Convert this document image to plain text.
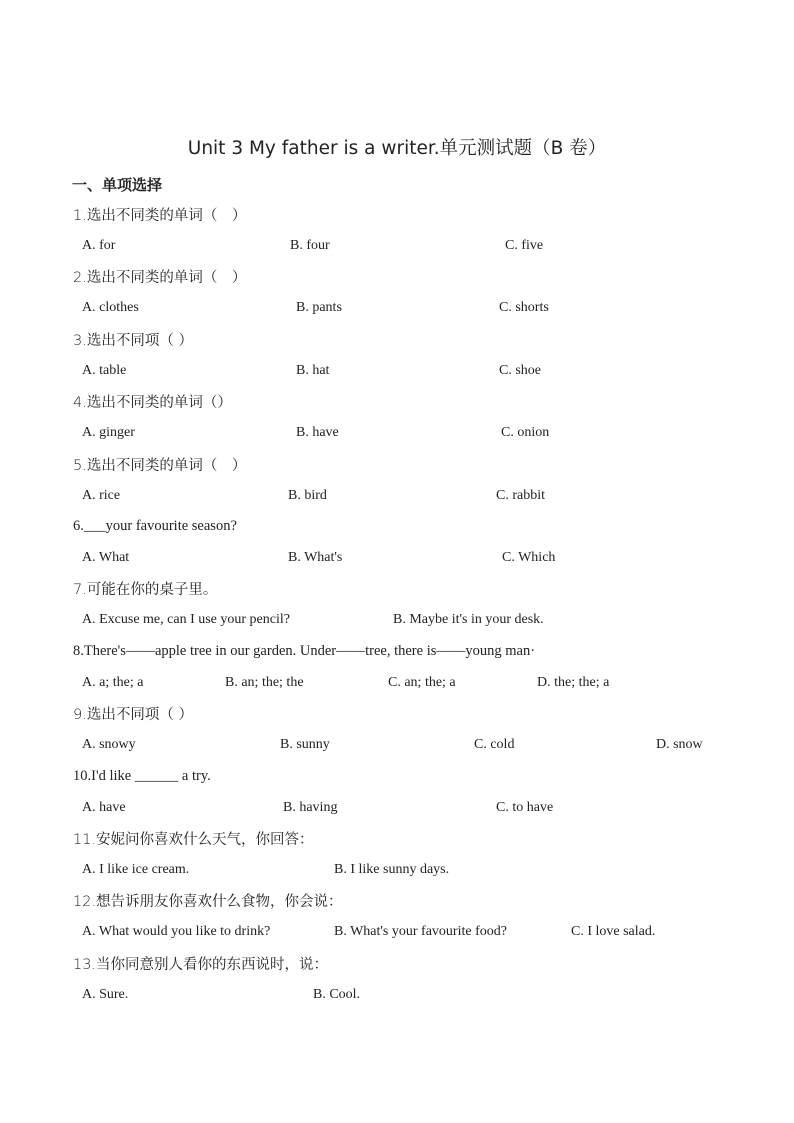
Unit 3 My father is a writer.单元测试题（B 卷）
一、单项选择
1.选出不同类的单词（　）
A. for	B. four	C. five
2.选出不同类的单词（　）
A. clothes	B. pants	C. shorts
3.选出不同项（ ）
A. table	B. hat	C. shoe
4.选出不同类的单词（）
A. ginger	B. have	C. onion
5.选出不同类的单词（　）
A. rice	B. bird	C. rabbit
6.___your favourite season?
A. What	B. What's	C. Which
7.可能在你的桌子里。
A. Excuse me, can I use your pencil?	B. Maybe it's in your desk.
8.There's——apple tree in our garden. Under——tree, there is——young man·
A. a; the; a	B. an; the; the	C. an; the; a	D. the; the; a
9.选出不同项（ ）
A. snowy	B. sunny	C. cold	D. snow
10.I'd like ______ a try.
A. have	B. having	C. to have
11.安妮问你喜欢什么天气，你回答：
A. I like ice cream.	B. I like sunny days.
12.想告诉朋友你喜欢什么食物，你会说：
A. What would you like to drink?	B. What's your favourite food?	C. I love salad.
13.当你同意别人看你的东西说时，说：
A. Sure.	B. Cool.
